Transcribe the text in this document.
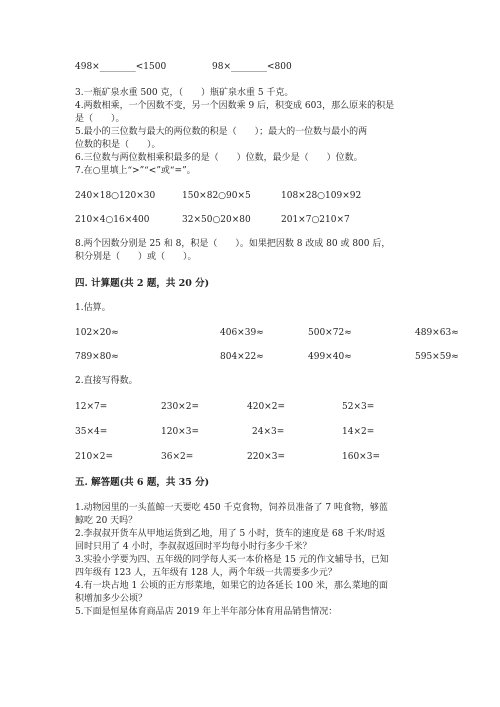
498×________<1500	98×________<800
3.一瓶矿泉水重 500 克，（　　）瓶矿泉水重 5 千克。
4.两数相乘，一个因数不变，另一个因数乘 9 后，积变成 603，那么原来的积是
是（　　）。
5.最小的三位数与最大的两位数的积是（　　）；最大的一位数与最小的两
位数的积是（　　）。
6.三位数与两位数相乘积最多的是（　　）位数，最少是（　　）位数。
7.在○里填上“>”“<”或“=”。
240×18○120×30	150×82○90×5	108×28○109×92
210×4○16×400	32×50○20×80	201×7○210×7
8.两个因数分别是 25 和 8，积是（　　）。如果把因数 8 改成 80 或 800 后，
积分别是（　　）或（　　）。
四. 计算题(共 2 题，共 20 分)
1.估算。
102×20≈	406×39≈	500×72≈	489×63≈
789×80≈	804×22≈	499×40≈	595×59≈
2.直接写得数。
12×7=	230×2=	420×2=	52×3=
35×4=	120×3=	24×3=	14×2=
210×2=	36×2=	220×3=	160×3=
五. 解答题(共 6 题，共 35 分)
1.动物园里的一头蓝鲸一天要吃 450 千克食物，饲养员准备了 7 吨食物，够蓝
鲸吃 20 天吗？
2.李叔叔开货车从甲地运货到乙地，用了 5 小时，货车的速度是 68 千米/时返
回时只用了 4 小时，李叔叔返回时平均每小时行多少千米？
3.实验小学要为四、五年级的同学每人买一本价格是 15 元的作文辅导书，已知
四年级有 123 人，五年级有 128 人，两个年级一共需要多少元？
4.有一块占地 1 公顷的正方形菜地，如果它的边各延长 100 米，那么菜地的面
积增加多少公顷？
5.下面是恒星体育商品店 2019 年上半年部分体育用品销售情况：
